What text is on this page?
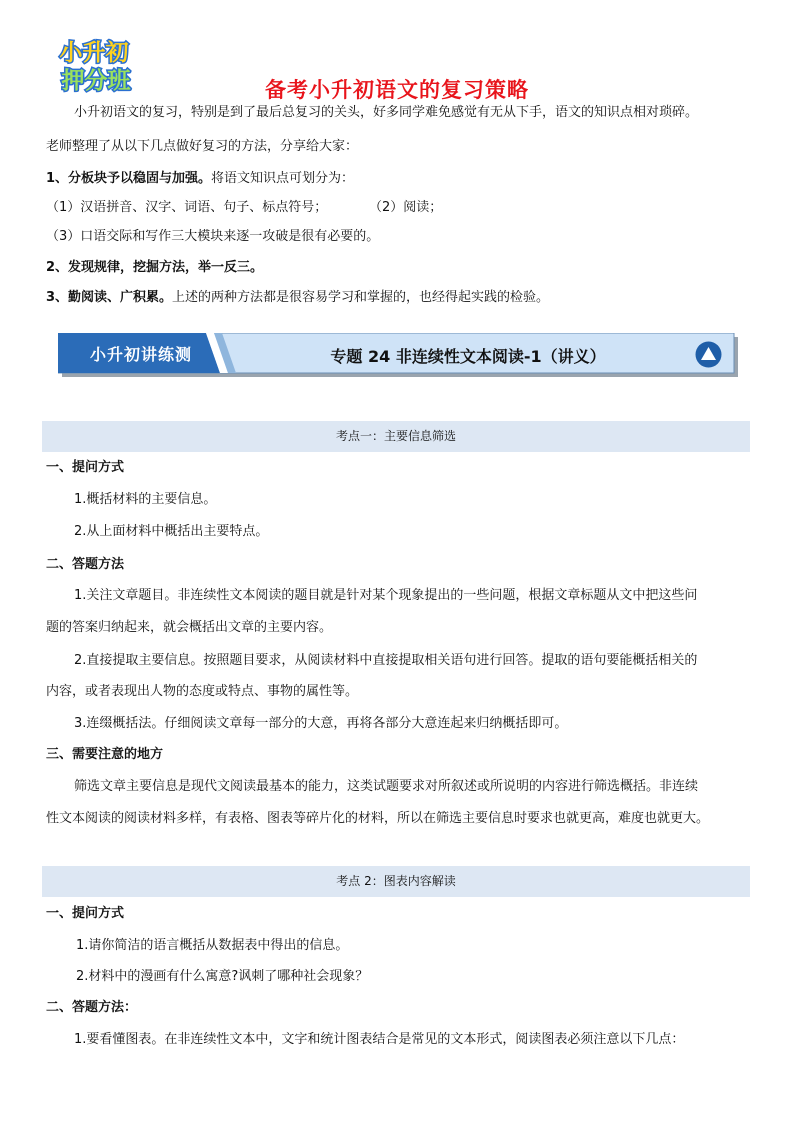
小升初
押分班	备考小升初语文的复习策略
小升初语文的复习，特别是到了最后总复习的关头，好多同学难免感觉有无从下手，语文的知识点相对琐碎。
老师整理了从以下几点做好复习的方法，分享给大家：
1、分板块予以稳固与加强。将语文知识点可划分为：
（1）汉语拼音、汉字、词语、句子、标点符号；	（2）阅读；
（3）口语交际和写作三大模块来逐一攻破是很有必要的。
2、发现规律，挖掘方法，举一反三。
3、勤阅读、广积累。上述的两种方法都是很容易学习和掌握的，也经得起实践的检验。
小升初讲练测	专题 24 非连续性文本阅读-1（讲义）
考点一：主要信息筛选
一、提问方式
1.概括材料的主要信息。
2.从上面材料中概括出主要特点。
二、答题方法
1.关注文章题目。非连续性文本阅读的题目就是针对某个现象提出的一些问题，根据文章标题从文中把这些问
题的答案归纳起来，就会概括出文章的主要内容。
2.直接提取主要信息。按照题目要求，从阅读材料中直接提取相关语句进行回答。提取的语句要能概括相关的
内容，或者表现出人物的态度或特点、事物的属性等。
3.连缀概括法。仔细阅读文章每一部分的大意，再将各部分大意连起来归纳概括即可。
三、需要注意的地方
筛选文章主要信息是现代文阅读最基本的能力，这类试题要求对所叙述或所说明的内容进行筛选概括。非连续
性文本阅读的阅读材料多样，有表格、图表等碎片化的材料，所以在筛选主要信息时要求也就更高，难度也就更大。
考点 2：图表内容解读
一、提问方式
1.请你简洁的语言概括从数据表中得出的信息。
2.材料中的漫画有什么寓意?讽刺了哪种社会现象？
二、答题方法：
1.要看懂图表。在非连续性文本中，文字和统计图表结合是常见的文本形式，阅读图表必须注意以下几点：
